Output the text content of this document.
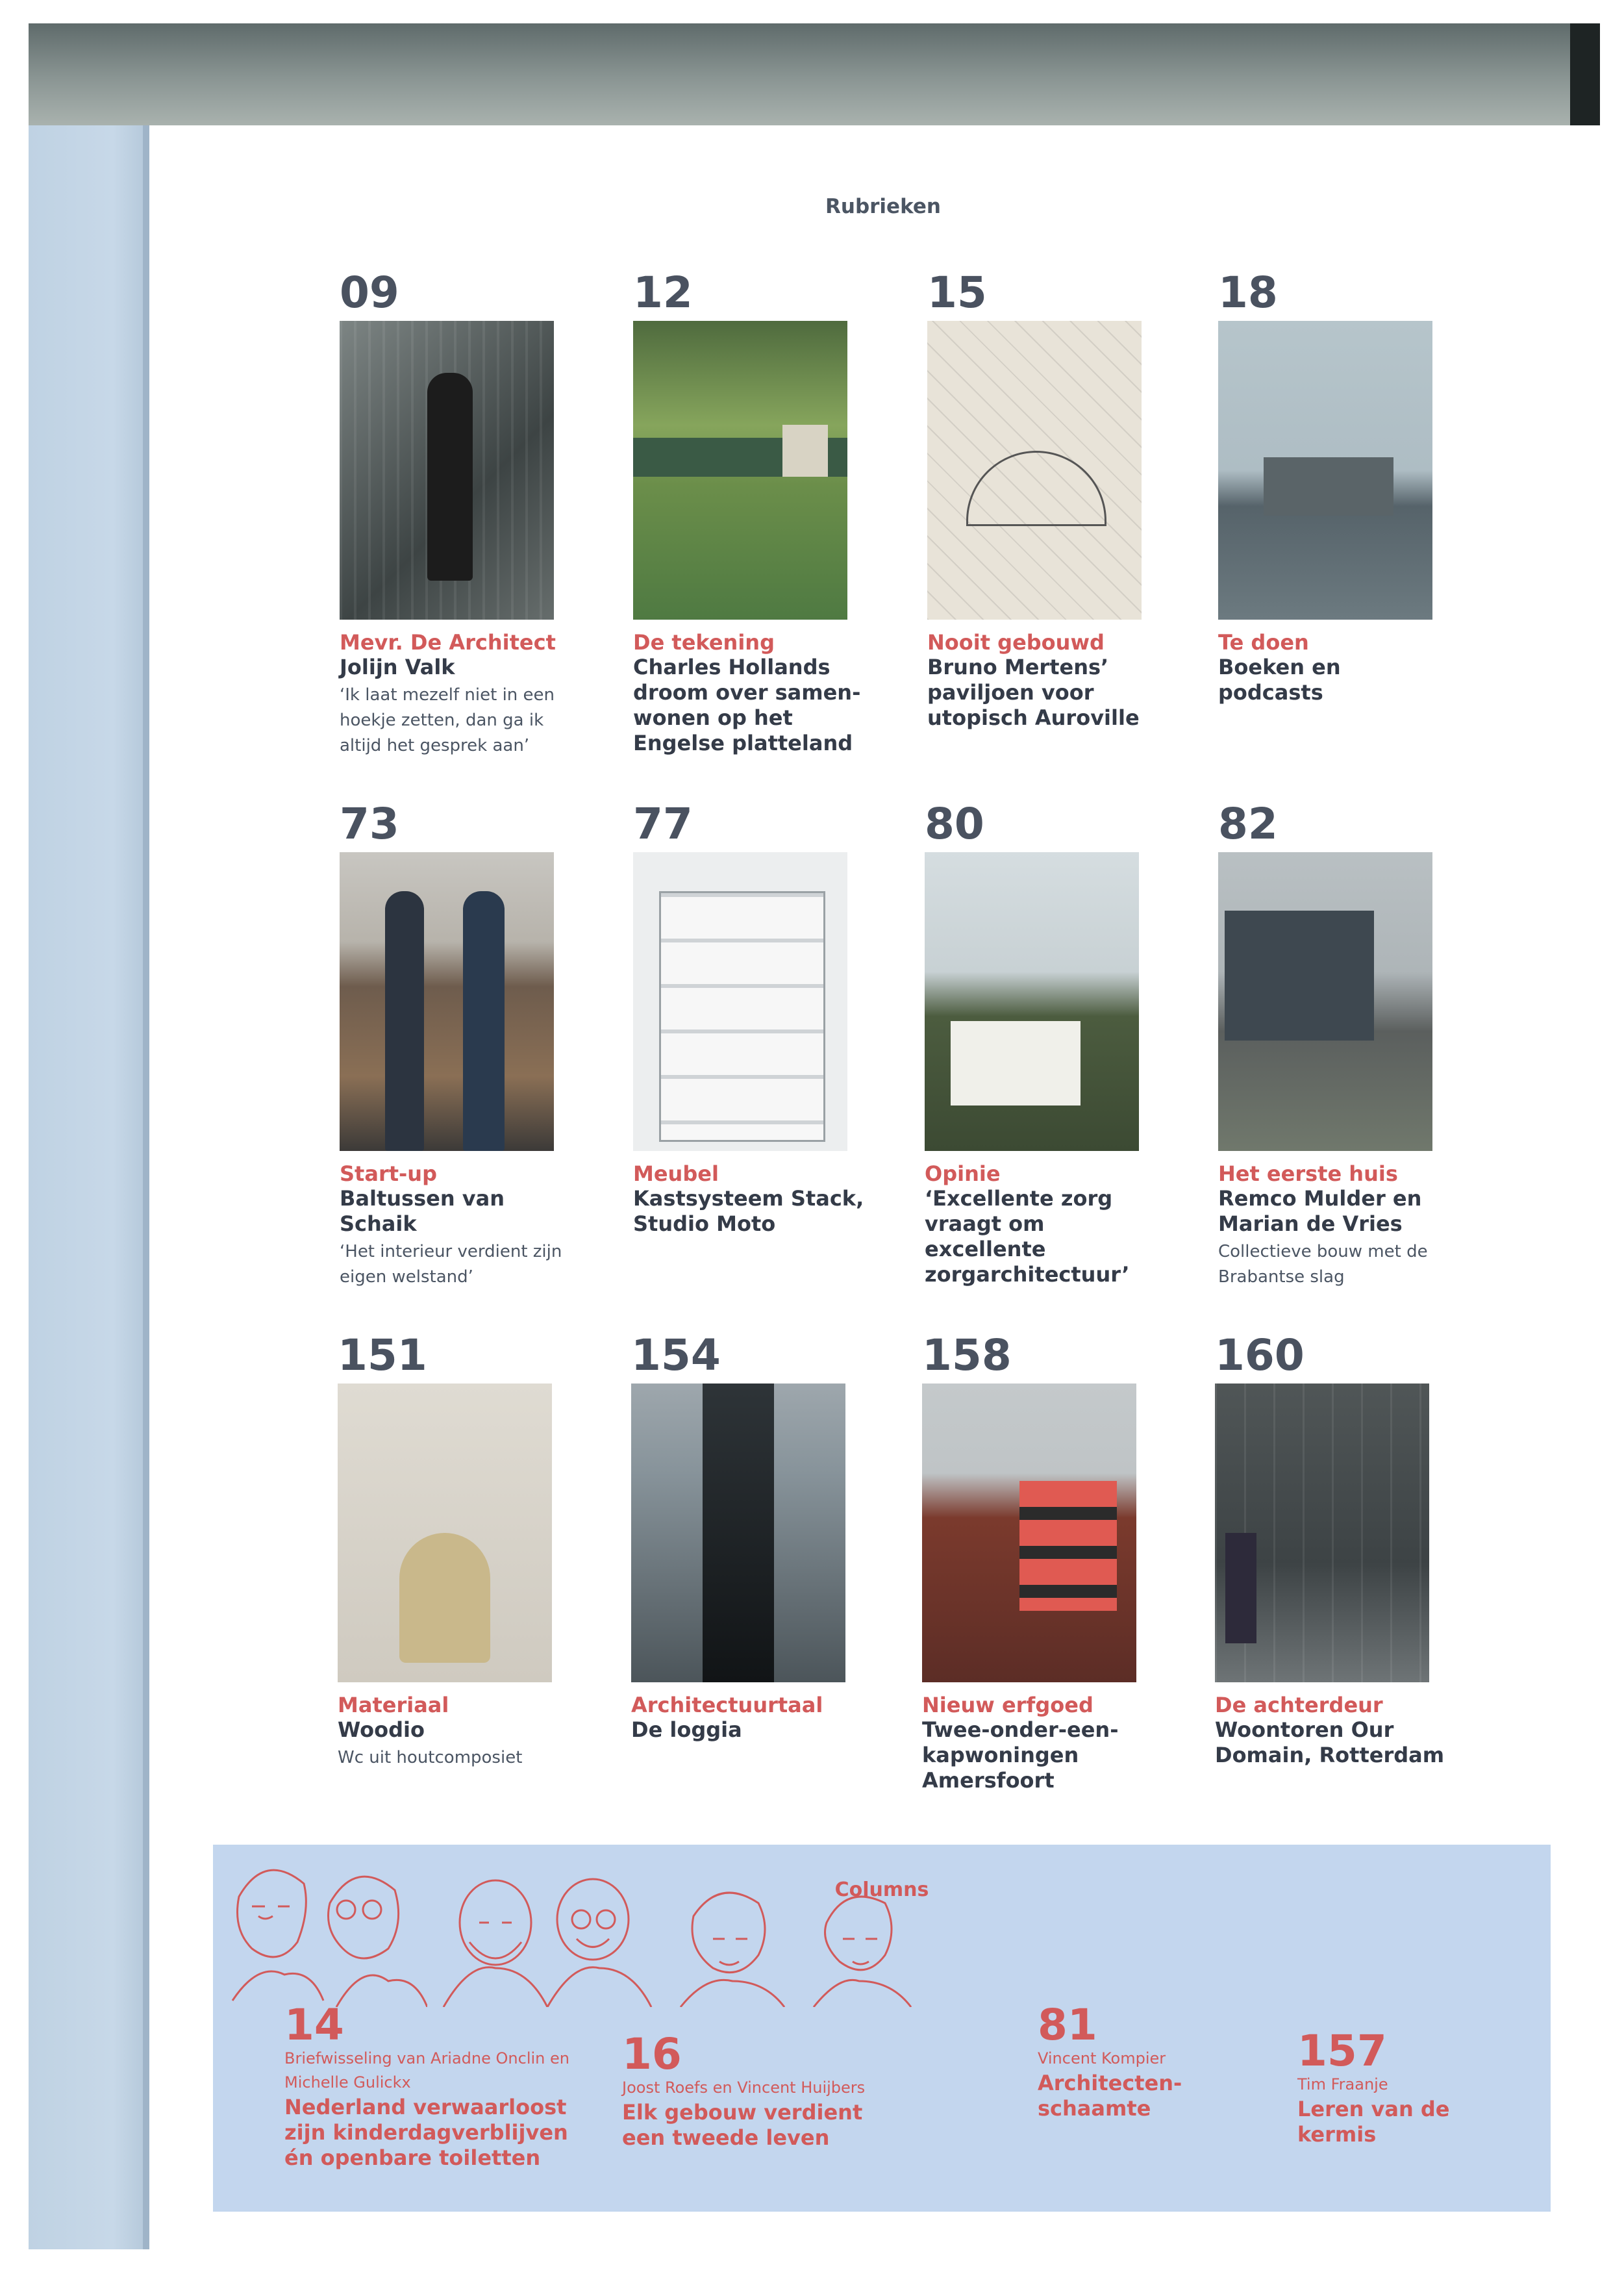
Rubrieken
09
Mevr. De Architect
Jolijn Valk
‘Ik laat mezelf niet in een hoekje zetten, dan ga ik altijd het gesprek aan’
12
De tekening
Charles Hollands droom over samen-wonen op het Engelse platteland
15
Nooit gebouwd
Bruno Mertens’ paviljoen voor utopisch Auroville
18
Te doen
Boeken en podcasts
73
Start-up
Baltussen van Schaik
‘Het interieur verdient zijn eigen welstand’
77
Meubel
Kastsysteem Stack, Studio Moto
80
Opinie
‘Excellente zorg vraagt om excellente zorgarchitectuur’
82
Het eerste huis
Remco Mulder en Marian de Vries
Collectieve bouw met de Brabantse slag
151
Materiaal
Woodio
Wc uit houtcomposiet
154
Architectuurtaal
De loggia
158
Nieuw erfgoed
Twee-onder-een-kapwoningen Amersfoort
160
De achterdeur
Woontoren Our Domain, Rotterdam
Columns

14
Briefwisseling van Ariadne Onclin en Michelle Gulickx
Nederland verwaarloost zijn kinderdagverblijven én openbare toiletten

16
Joost Roefs en Vincent Huijbers
Elk gebouw verdient een tweede leven

81
Vincent Kompier
Architecten-schaamte
157
Tim Fraanje
Leren van de kermis
